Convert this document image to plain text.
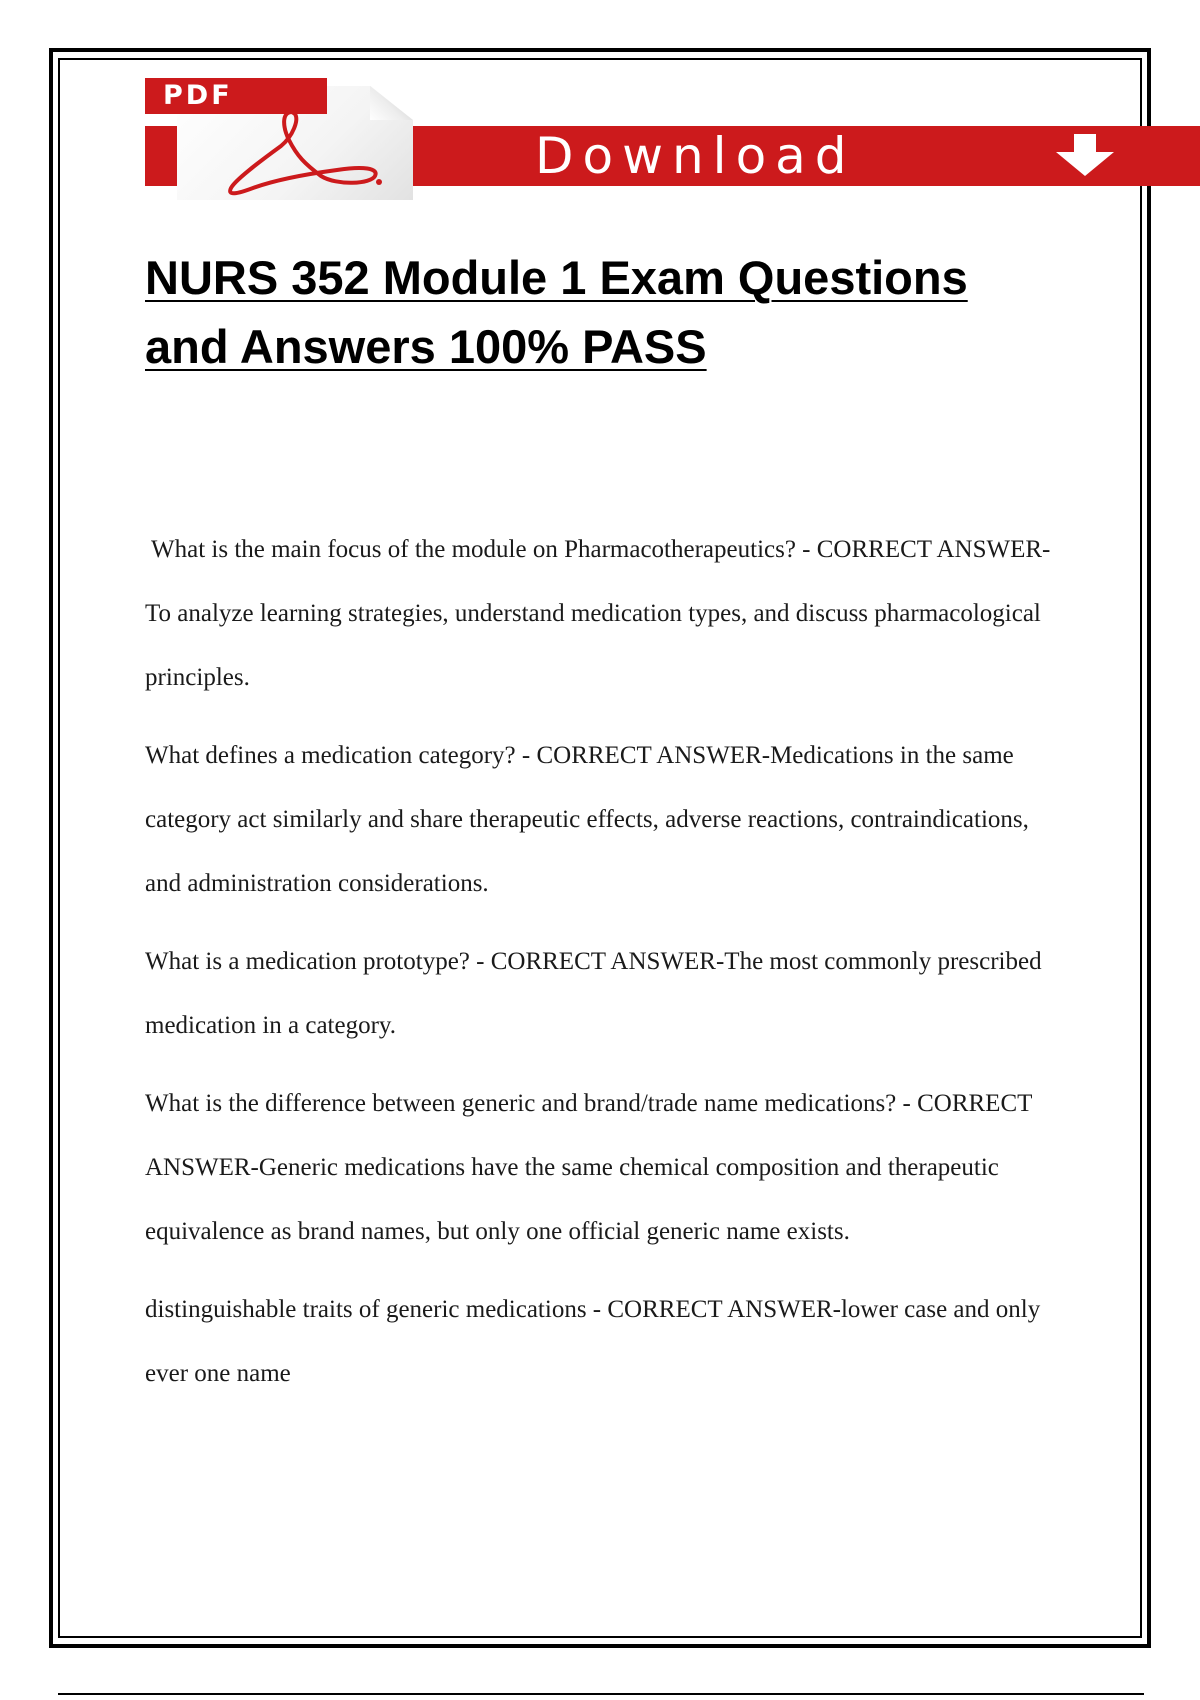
PDF
Download
NURS 352 Module 1 Exam Questions and Answers 100% PASS

What is the main focus of the module on Pharmacotherapeutics? - CORRECT ANSWER-To analyze learning strategies, understand medication types, and discuss pharmacological principles.

What defines a medication category? - CORRECT ANSWER-Medications in the same category act similarly and share therapeutic effects, adverse reactions, contraindications, and administration considerations.

What is a medication prototype? - CORRECT ANSWER-The most commonly prescribed medication in a category.

What is the difference between generic and brand/trade name medications? - CORRECT ANSWER-Generic medications have the same chemical composition and therapeutic equivalence as brand names, but only one official generic name exists.

distinguishable traits of generic medications - CORRECT ANSWER-lower case and only ever one name
